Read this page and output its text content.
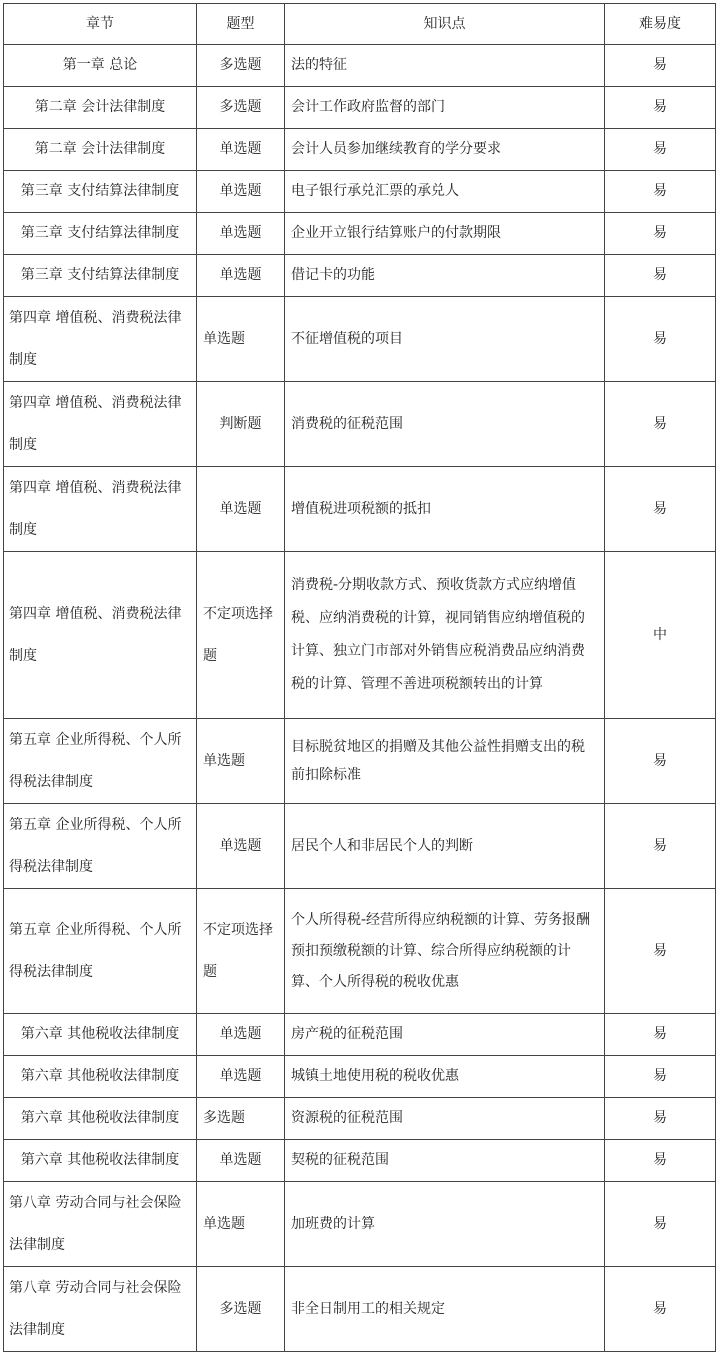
章节	题型	知识点	难易度
第一章 总论	多选题	法的特征	易
第二章 会计法律制度	多选题	会计工作政府监督的部门	易
第二章 会计法律制度	单选题	会计人员参加继续教育的学分要求	易
第三章 支付结算法律制度	单选题	电子银行承兑汇票的承兑人	易
第三章 支付结算法律制度	单选题	企业开立银行结算账户的付款期限	易
第三章 支付结算法律制度	单选题	借记卡的功能	易
第四章 增值税、消费税法律制度	单选题	不征增值税的项目	易
第四章 增值税、消费税法律制度	判断题	消费税的征税范围	易
第四章 增值税、消费税法律制度	单选题	增值税进项税额的抵扣	易
第四章 增值税、消费税法律制度	不定项选择题	消费税-分期收款方式、预收货款方式应纳增值税、应纳消费税的计算，视同销售应纳增值税的计算、独立门市部对外销售应税消费品应纳消费税的计算、管理不善进项税额转出的计算	中
第五章 企业所得税、个人所得税法律制度	单选题	目标脱贫地区的捐赠及其他公益性捐赠支出的税前扣除标准	易
第五章 企业所得税、个人所得税法律制度	单选题	居民个人和非居民个人的判断	易
第五章 企业所得税、个人所得税法律制度	不定项选择题	个人所得税-经营所得应纳税额的计算、劳务报酬预扣预缴税额的计算、综合所得应纳税额的计算、个人所得税的税收优惠	易
第六章 其他税收法律制度	单选题	房产税的征税范围	易
第六章 其他税收法律制度	单选题	城镇土地使用税的税收优惠	易
第六章 其他税收法律制度	多选题	资源税的征税范围	易
第六章 其他税收法律制度	单选题	契税的征税范围	易
第八章 劳动合同与社会保险法律制度	单选题	加班费的计算	易
第八章 劳动合同与社会保险法律制度	多选题	非全日制用工的相关规定	易
